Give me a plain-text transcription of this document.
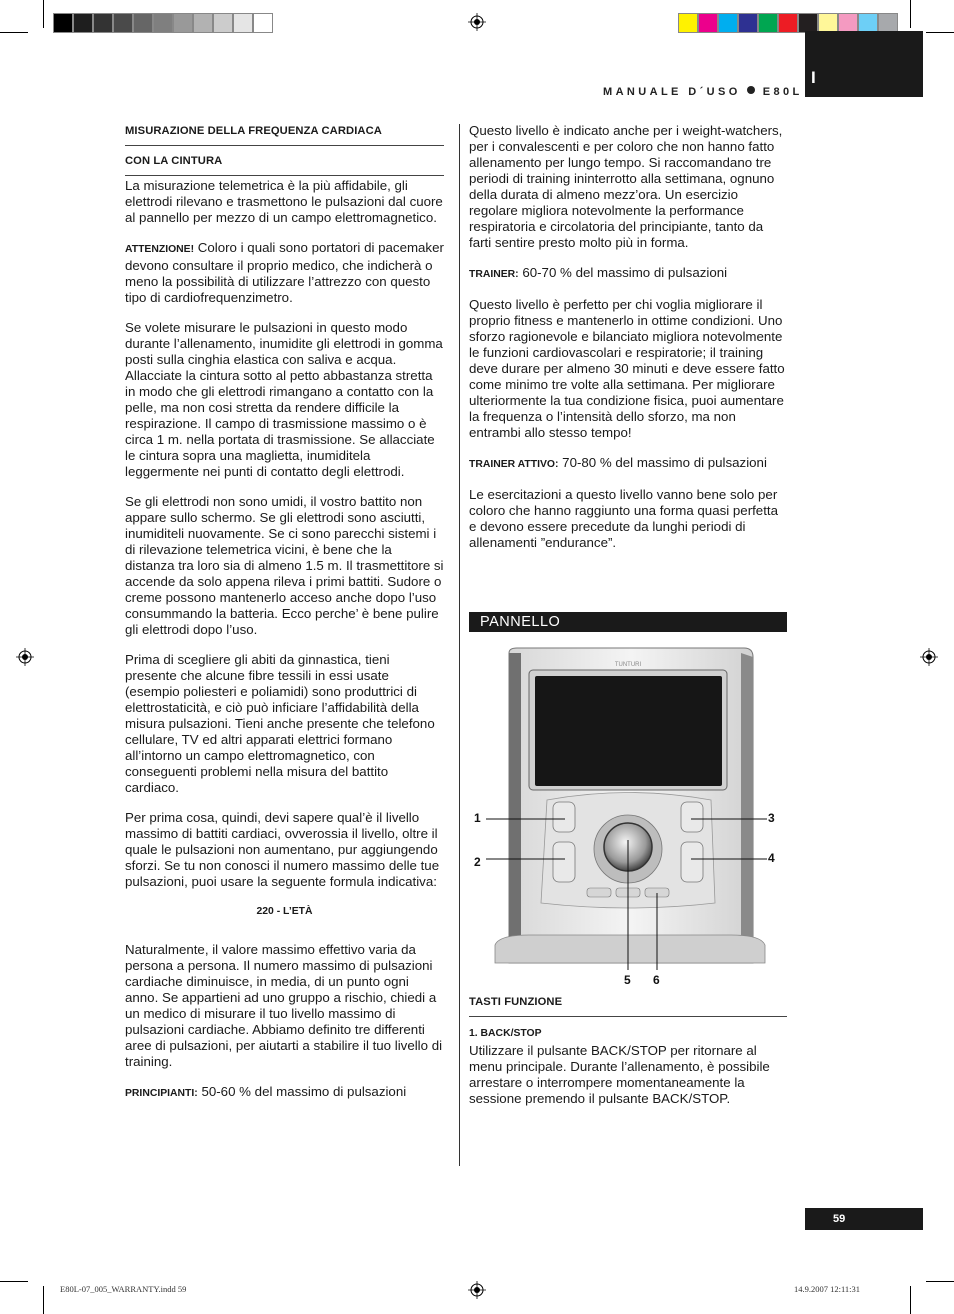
I
MANUALE D´USO E80L
MISURAZIONE DELLA FREQUENZA CARDIACA
CON LA CINTURA

La misurazione telemetrica è la più affidabile, gli elettrodi rilevano e trasmettono le pulsazioni dal cuore al pannello per mezzo di un campo elettromagnetico.

ATTENZIONE! Coloro i quali sono portatori di pacemaker devono consultare il proprio medico, che indicherà o meno la possibilità di utilizzare l’attrezzo con questo tipo di cardiofrequenzimetro.

Se volete misurare le pulsazioni in questo modo durante l’allenamento, inumidite gli elettrodi in gomma posti sulla cinghia elastica con saliva e acqua. Allacciate la cintura sotto al petto abbastanza stretta in modo che gli elettrodi rimangano a contatto con la pelle, ma non cosi stretta da rendere difficile la respirazione. Il campo di trasmissione massimo o è circa 1 m. nella portata di trasmissione. Se allacciate le cintura sopra una maglietta, inumiditela leggermente nei punti di contatto degli elettrodi.

Se gli elettrodi non sono umidi, il vostro battito non appare sullo schermo. Se gli elettrodi sono asciutti, inumiditeli nuovamente. Se ci sono parecchi sistemi i di rilevazione telemetrica vicini, è bene che la distanza tra loro sia di almeno 1.5 m. Il trasmettitore si accende da solo appena rileva i primi battiti. Sudore o creme possono mantenerlo acceso anche dopo l’uso consummando la batteria. Ecco perche’ è bene pulire gli elettrodi dopo l’uso.

Prima di scegliere gli abiti da ginnastica, tieni presente che alcune fibre tessili in essi usate (esempio poliesteri e poliamidi) sono produttrici di elettrostaticità, e ciò può inficiare l’affidabilità della misura pulsazioni. Tieni anche presente che telefono cellulare, TV ed altri apparati elettrici formano all’intorno un campo elettromagnetico, con conseguenti problemi nella misura del battito cardiaco.

Per prima cosa, quindi, devi sapere qual’è il livello massimo di battiti cardiaci, ovverossia il livello, oltre il quale le pulsazioni non aumentano, pur aggiungendo sforzi. Se tu non conosci il numero massimo delle tue pulsazioni, puoi usare la seguente formula indicativa:

220 - L’ETÀ

Naturalmente, il valore massimo effettivo varia da persona a persona. Il numero massimo di pulsazioni cardiache diminuisce, in media, di un punto ogni anno. Se appartieni ad uno gruppo a rischio, chiedi a un medico di misurare il tuo livello massimo di pulsazioni cardiache. Abbiamo definito tre differenti aree di pulsazioni, per aiutarti a stabilire il tuo livello di training.

PRINCIPIANTI: 50-60 % del massimo di pulsazioni

Questo livello è indicato anche per i weight-watchers, per i convalescenti e per coloro che non hanno fatto allenamento per lungo tempo. Si raccomandano tre periodi di training ininterrotto alla settimana, ognuno della durata di almeno mezz’ora. Un esercizio regolare migliora notevolmente la performance respiratoria e circolatoria del principiante, tanto da farti sentire presto molto più in forma.

TRAINER: 60-70 % del massimo di pulsazioni

Questo livello è perfetto per chi voglia migliorare il proprio fitness e mantenerlo in ottime condizioni. Uno sforzo ragionevole e bilanciato migliora notevolmente le funzioni cardiovascolari e respiratorie; il training deve durare per almeno 30 minuti e deve essere fatto come minimo tre volte alla settimana. Per migliorare ulteriormente la tua condizione fisica, puoi aumentare la frequenza o l’intensità dello sforzo, ma non entrambi allo stesso tempo!

TRAINER ATTIVO: 70-80 % del massimo di pulsazioni

Le esercitazioni a questo livello vanno bene solo per coloro che hanno raggiunto una forma quasi perfetta e devono essere precedute da lunghi periodi di allenamenti ”endurance”.

PANNELLO
TUNTURI
1
2
3
4
5 6
TASTI FUNZIONE
1. BACK/STOP

Utilizzare il pulsante BACK/STOP per ritornare al menu principale. Durante l’allenamento, è possibile arrestare o interrompere momentaneamente la sessione premendo il pulsante BACK/STOP.

59
E80L-07_005_WARRANTY.indd 59	14.9.2007 12:11:31
